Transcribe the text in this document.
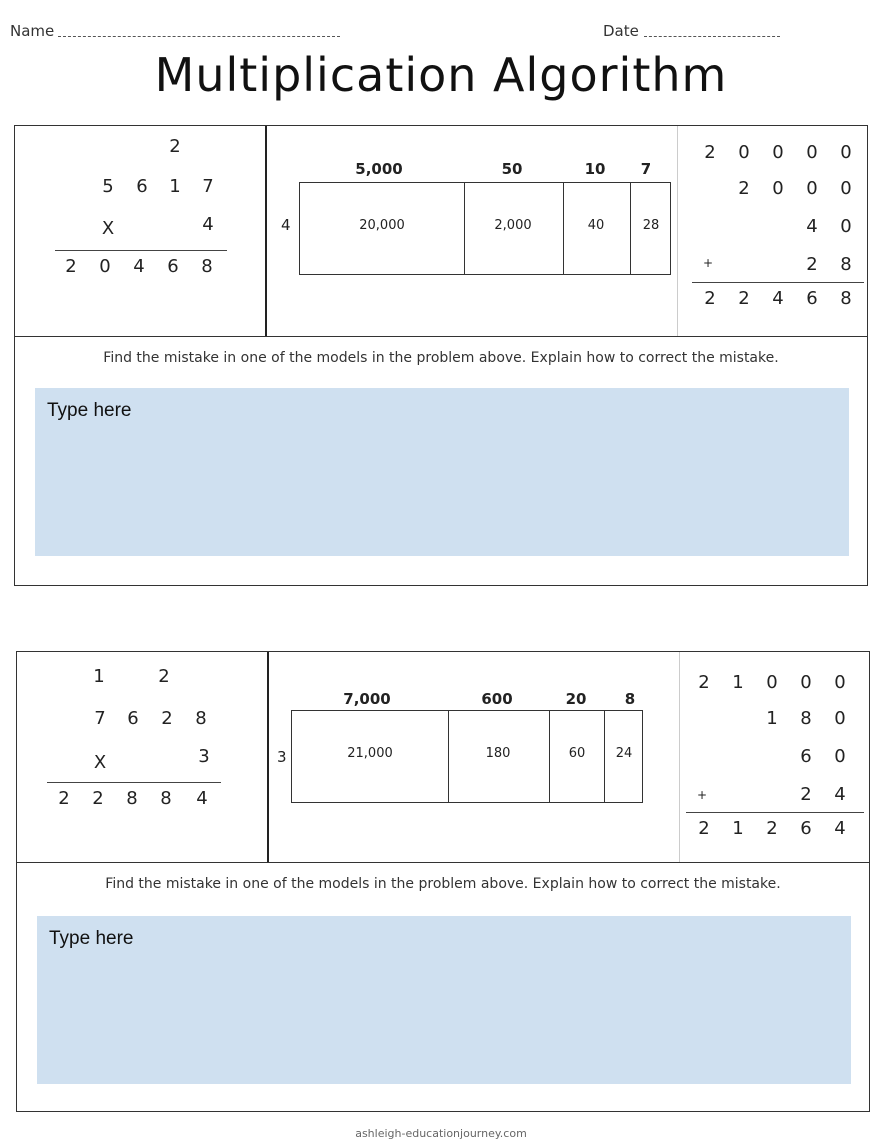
Name	Date
Multiplication Algorithm
2
5 6 1 7
X	4
2 0 4 6 8
5,000	50	10	7
4	20,000	2,000	40	28
2 0 0 0 0
2 0 0 0
4 0
+	2 8
2 2 4 6 8
Find the mistake in one of the models in the problem above. Explain how to correct the mistake.
Type here
1	2
7 6 2 8
X	3
2 2 8 8 4
7,000	600	20	8
3	21,000	180	60	24
2 1 0 0 0
1 8 0
6 0
+	2 4
2 1 2 6 4
Find the mistake in one of the models in the problem above. Explain how to correct the mistake.
Type here
ashleigh-educationjourney.com
